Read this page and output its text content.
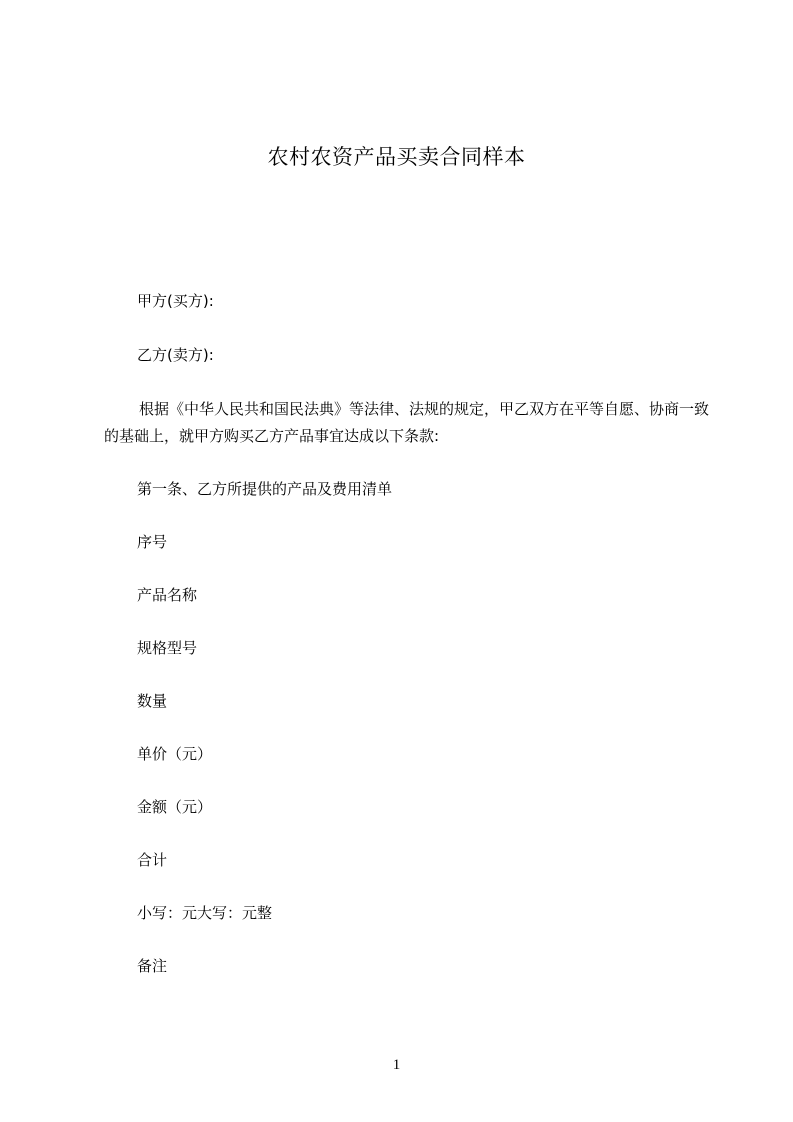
农村农资产品买卖合同样本
甲方(买方):
乙方(卖方):
根据《中华人民共和国民法典》等法律、法规的规定，甲乙双方在平等自愿、协商一致的基础上，就甲方购买乙方产品事宜达成以下条款:
第一条、乙方所提供的产品及费用清单
序号
产品名称
规格型号
数量
单价（元）
金额（元）
合计
小写：元大写：元整
备注
1
